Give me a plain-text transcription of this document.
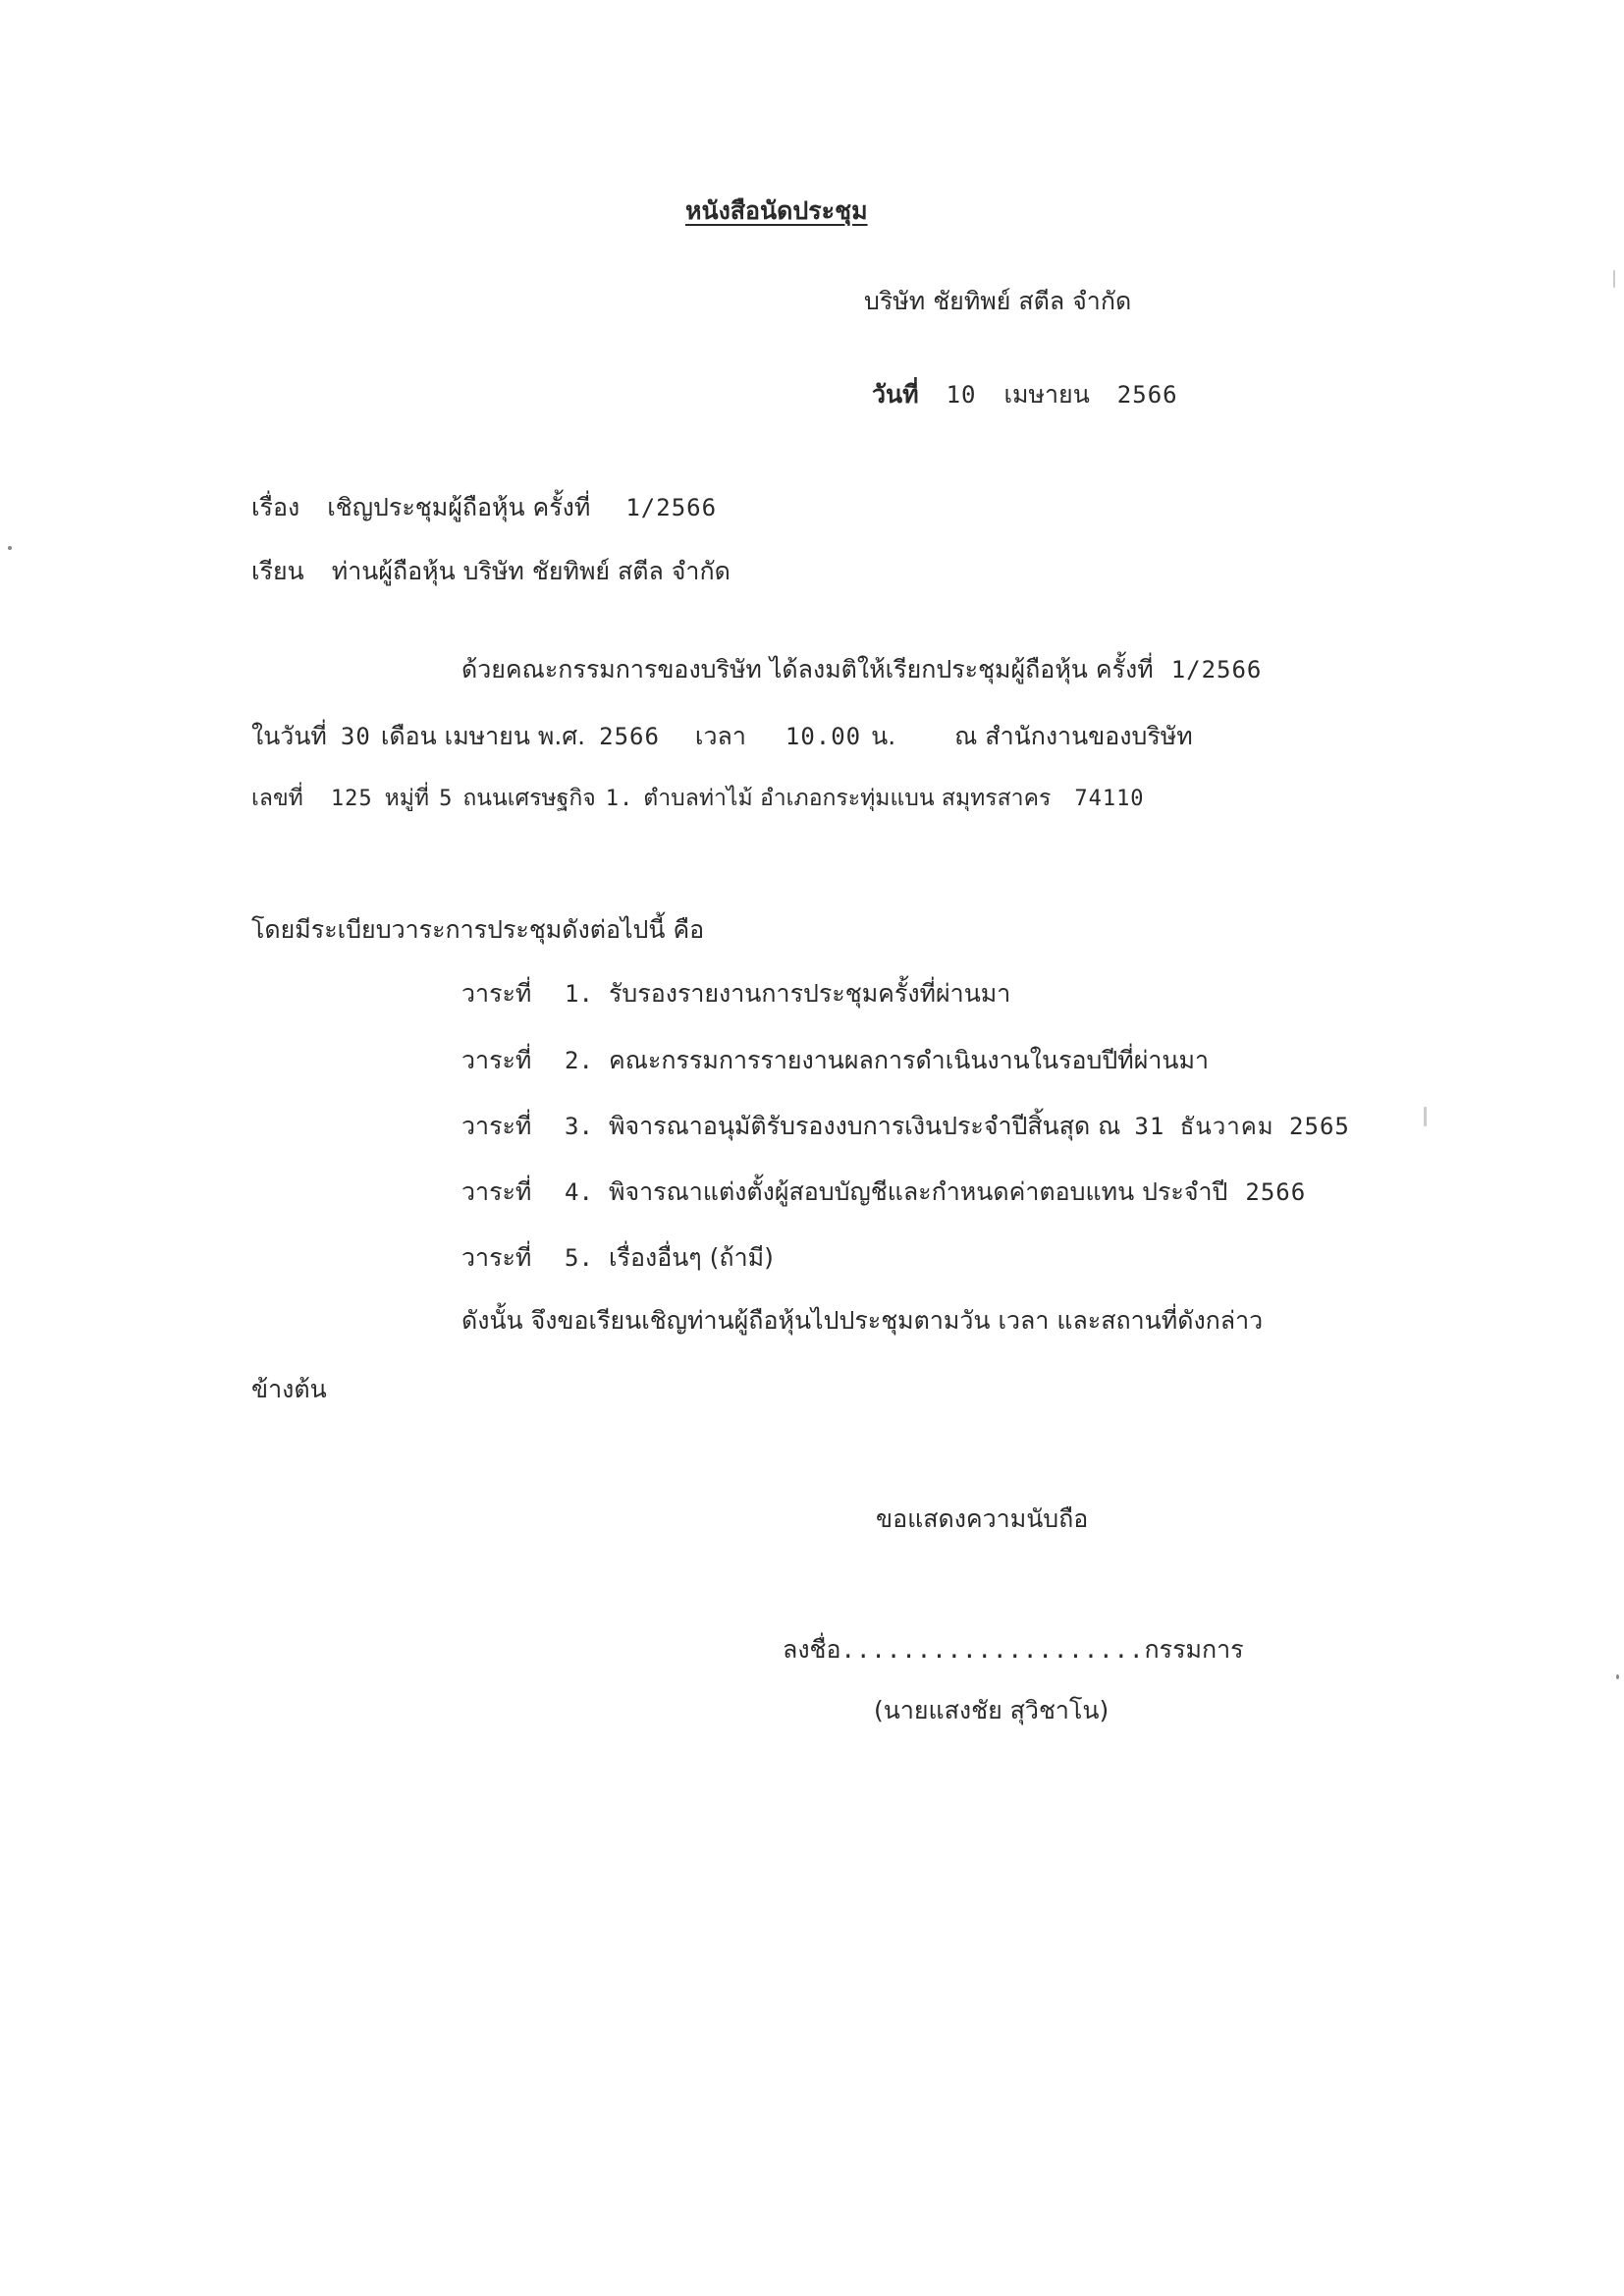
หนังสือนัดประชุม
บริษัท ชัยทิพย์ สตีล จำกัด
วันที่ 10 เมษายน 2566
เรื่อง เชิญประชุมผู้ถือหุ้น ครั้งที่ 1/2566
เรียน ท่านผู้ถือหุ้น บริษัท ชัยทิพย์ สตีล จำกัด
ด้วยคณะกรรมการของบริษัท ได้ลงมติให้เรียกประชุมผู้ถือหุ้น ครั้งที่ 1/2566
ในวันที่ 30 เดือน เมษายน พ.ศ. 2566 เวลา 10.00 น. ณ สำนักงานของบริษัท
เลขที่ 125 หมู่ที่ 5 ถนนเศรษฐกิจ 1. ตำบลท่าไม้ อำเภอกระทุ่มแบน สมุทรสาคร 74110
โดยมีระเบียบวาระการประชุมดังต่อไปนี้ คือ
วาระที่ 1. รับรองรายงานการประชุมครั้งที่ผ่านมา
วาระที่ 2. คณะกรรมการรายงานผลการดำเนินงานในรอบปีที่ผ่านมา
วาระที่ 3. พิจารณาอนุมัติรับรองงบการเงินประจำปีสิ้นสุด ณ 31 ธันวาคม 2565
วาระที่ 4. พิจารณาแต่งตั้งผู้สอบบัญชีและกำหนดค่าตอบแทน ประจำปี 2566
วาระที่ 5. เรื่องอื่นๆ (ถ้ามี)
ดังนั้น จึงขอเรียนเชิญท่านผู้ถือหุ้นไปประชุมตามวัน เวลา และสถานที่ดังกล่าว
ข้างต้น
ขอแสดงความนับถือ
ลงชื่อ....................กรรมการ
(นายแสงชัย สุวิชาโน)
